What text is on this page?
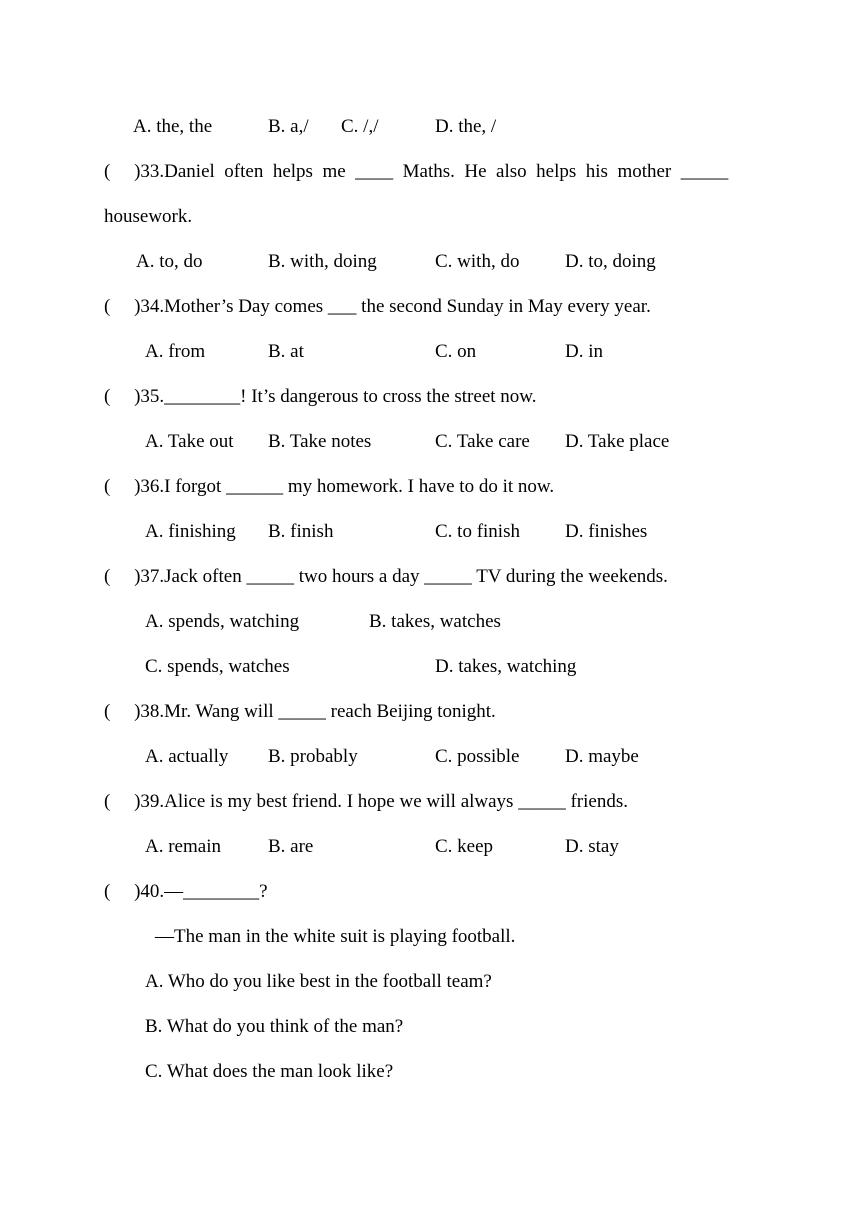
A. the, the	B. a,/ C. /,/	D. the, /
(     )33.Daniel  often  helps  me  ____  Maths.  He  also  helps  his  mother  _____
housework.
A. to, do	B. with, doing	C. with, do D. to, doing
(     )34.Mother’s Day comes ___ the second Sunday in May every year.
A. from	B. at	C. on	D. in
(     )35.________! It’s dangerous to cross the street now.
A. Take out B. Take notes	C. Take care D. Take place
(     )36.I forgot ______ my homework. I have to do it now.
A. finishing B. finish	C. to finish D. finishes
(     )37.Jack often _____ two hours a day _____ TV during the weekends.
A. spends, watching	B. takes, watches
C. spends, watches	D. takes, watching
(     )38.Mr. Wang will _____ reach Beijing tonight.
A. actually B. probably	C. possible D. maybe
(     )39.Alice is my best friend. I hope we will always _____ friends.
A. remain B. are	C. keep	D. stay
(     )40.—________?
—The man in the white suit is playing football.
A. Who do you like best in the football team?
B. What do you think of the man?
C. What does the man look like?
